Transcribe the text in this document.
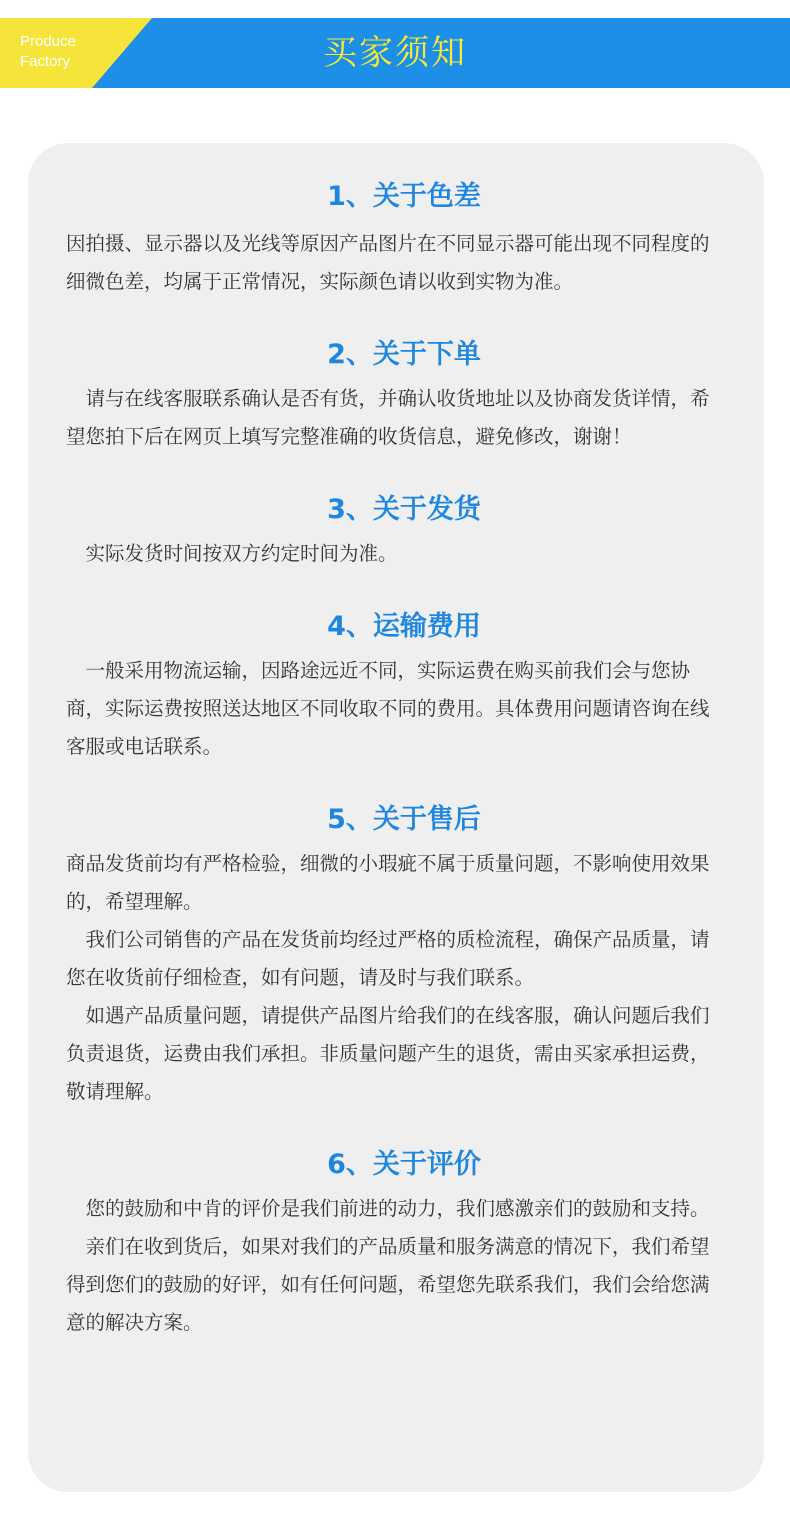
Produce
Factory	买家须知
1、关于色差

因拍摄、显示器以及光线等原因产品图片在不同显示器可能出现不同程度的细微色差，均属于正常情况，实际颜色请以收到实物为准。

2、关于下单

　请与在线客服联系确认是否有货，并确认收货地址以及协商发货详情，希望您拍下后在网页上填写完整准确的收货信息，避免修改，谢谢！

3、关于发货

　实际发货时间按双方约定时间为准。

4、运输费用

　一般采用物流运输，因路途远近不同，实际运费在购买前我们会与您协商，实际运费按照送达地区不同收取不同的费用。具体费用问题请咨询在线客服或电话联系。

5、关于售后

商品发货前均有严格检验，细微的小瑕疵不属于质量问题，不影响使用效果的，希望理解。

　我们公司销售的产品在发货前均经过严格的质检流程，确保产品质量，请您在收货前仔细检查，如有问题，请及时与我们联系。

　如遇产品质量问题，请提供产品图片给我们的在线客服，确认问题后我们负责退货，运费由我们承担。非质量问题产生的退货，需由买家承担运费，敬请理解。

6、关于评价

　您的鼓励和中肯的评价是我们前进的动力，我们感激亲们的鼓励和支持。

　亲们在收到货后，如果对我们的产品质量和服务满意的情况下，我们希望得到您们的鼓励的好评，如有任何问题，希望您先联系我们，我们会给您满意的解决方案。
